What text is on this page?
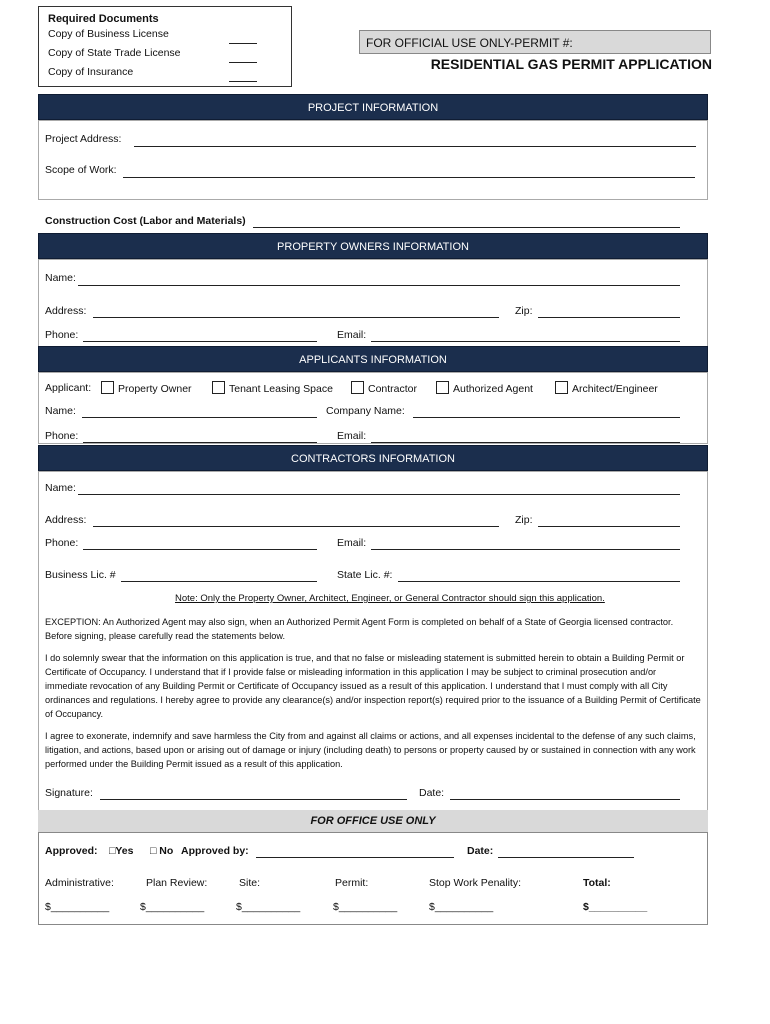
Required Documents
Copy of Business License
Copy of State Trade License
Copy of Insurance
FOR OFFICIAL USE ONLY-PERMIT #:
RESIDENTIAL GAS PERMIT APPLICATION
PROJECT INFORMATION
Project Address:
Scope of Work:
Construction Cost (Labor and Materials)
PROPERTY OWNERS INFORMATION
Name:
Address:	Zip:
Phone:	Email:
APPLICANTS INFORMATION
Applicant:	Property Owner	Tenant Leasing Space	Contractor	Authorized Agent	Architect/Engineer
Name:	Company Name:
Phone:	Email:
CONTRACTORS INFORMATION
Name:
Address:	Zip:
Phone:	Email:
Business Lic. #	State Lic. #:
Note: Only the Property Owner, Architect, Engineer, or General Contractor should sign this application.
EXCEPTION: An Authorized Agent may also sign, when an Authorized Permit Agent Form is completed on behalf of a State of Georgia licensed contractor. Before signing, please carefully read the statements below.
I do solemnly swear that the information on this application is true, and that no false or misleading statement is submitted herein to obtain a Building Permit or Certificate of Occupancy. I understand that if I provide false or misleading information in this application I may be subject to criminal prosecution and/or immediate revocation of any Building Permit or Certificate of Occupancy issued as a result of this application. I understand that I must comply with all City ordinances and regulations. I hereby agree to provide any clearance(s) and/or inspection report(s) required prior to the issuance of a Building Permit of Certificate of Occupancy.
I agree to exonerate, indemnify and save harmless the City from and against all claims or actions, and all expenses incidental to the defense of any such claims, litigation, and actions, based upon or arising out of damage or injury (including death) to persons or property caused by or sustained in connection with any work performed under the Building Permit issued as a result of this application.
Signature:	Date:
FOR OFFICE USE ONLY
Approved: □Yes □ No Approved by:	Date:
Administrative:	Plan Review:	Site:	Permit:	Stop Work Penality:	Total:
$__________	$__________	$__________	$__________	$__________	$__________
